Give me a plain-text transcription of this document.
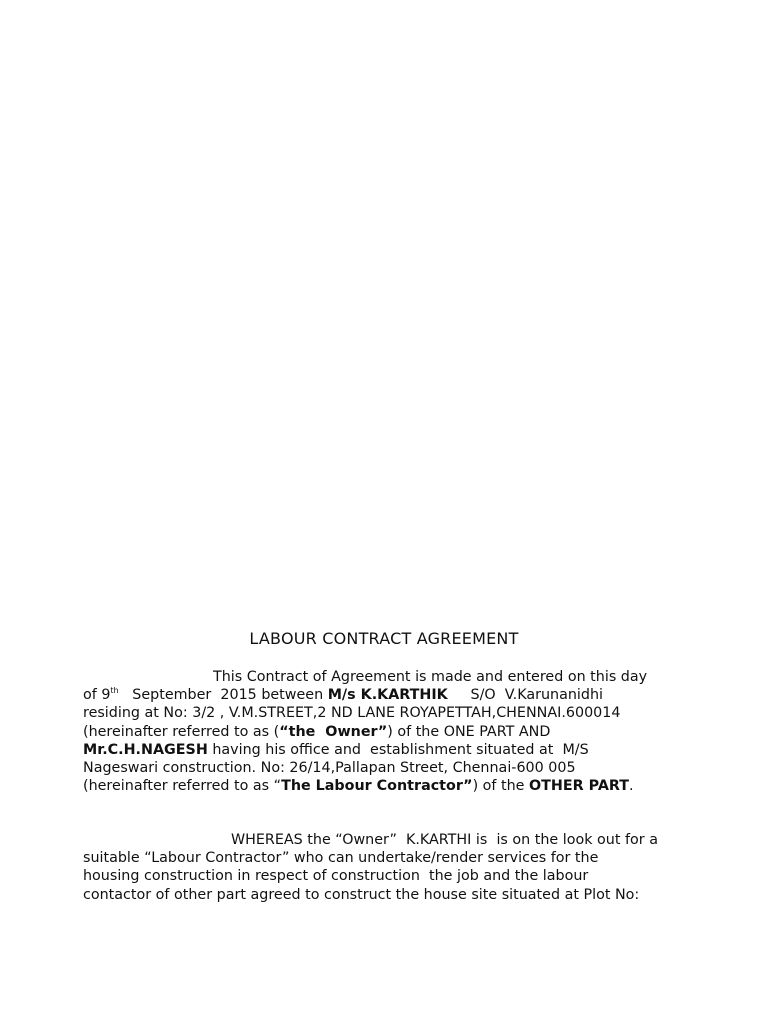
LABOUR CONTRACT AGREEMENT
This Contract of Agreement is made and entered on this day
of 9th   September  2015 between M/s K.KARTHIK     S/O  V.Karunanidhi
residing at No: 3/2 , V.M.STREET,2 ND LANE ROYAPETTAH,CHENNAI.600014
(hereinafter referred to as (“the  Owner”) of the ONE PART AND
Mr.C.H.NAGESH having his office and  establishment situated at  M/S
Nageswari construction. No: 26/14,Pallapan Street, Chennai-600 005
(hereinafter referred to as “The Labour Contractor”) of the OTHER PART.
WHEREAS the “Owner”  K.KARTHI is  is on the look out for a
suitable “Labour Contractor” who can undertake/render services for the
housing construction in respect of construction  the job and the labour
contactor of other part agreed to construct the house site situated at Plot No:
